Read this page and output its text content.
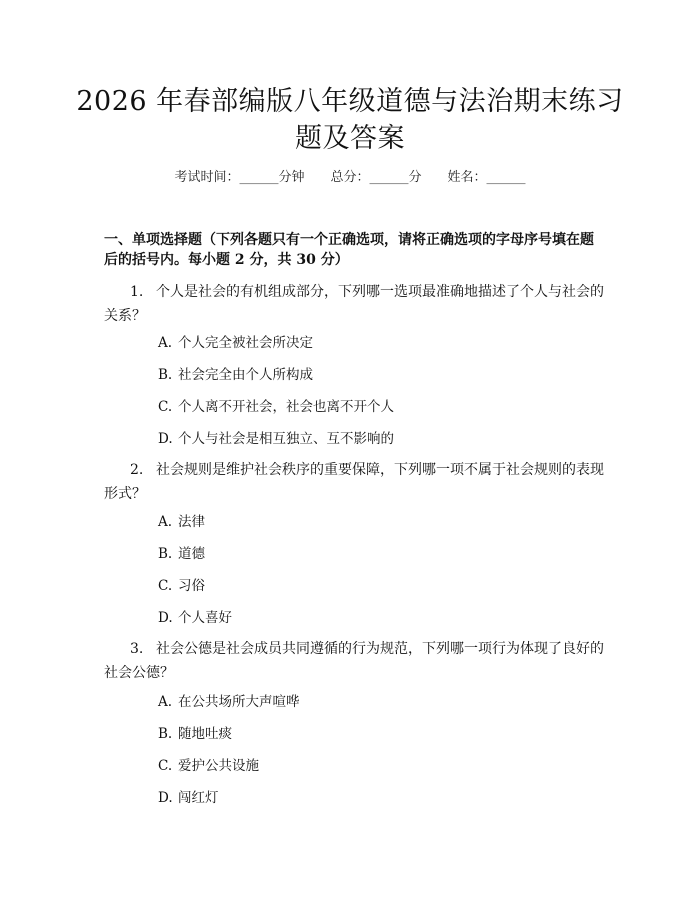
2026 年春部编版八年级道德与法治期末练习
题及答案
考试时间：______分钟 总分：______分 姓名：______
一、单项选择题（下列各题只有一个正确选项，请将正确选项的字母序号填在题
后的括号内。每小题 2 分，共 30 分）
1. 个人是社会的有机组成部分，下列哪一选项最准确地描述了个人与社会的
关系？
A. 个人完全被社会所决定
B. 社会完全由个人所构成
C. 个人离不开社会，社会也离不开个人
D. 个人与社会是相互独立、互不影响的
2. 社会规则是维护社会秩序的重要保障，下列哪一项不属于社会规则的表现
形式？
A. 法律
B. 道德
C. 习俗
D. 个人喜好
3. 社会公德是社会成员共同遵循的行为规范，下列哪一项行为体现了良好的
社会公德？
A. 在公共场所大声喧哗
B. 随地吐痰
C. 爱护公共设施
D. 闯红灯
